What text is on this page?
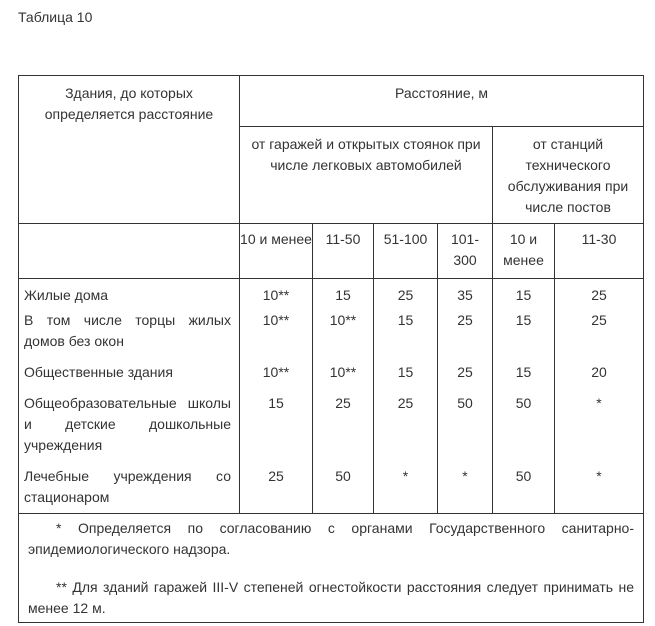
Таблица 10
Здания, до которых определяется расстояние	Расстояние, м					
	от гаражей и открытых стоянок при числе легковых автомобилей				от станций технического обслуживания при числе постов	
	10 и менее	11-50	51-100	101-300	10 и менее	11-30
Жилые дома	10**	15	25	35	15	25
В том числе торцы жилых домов без окон	10**	10**	15	25	15	25
Общественные здания	10**	10**	15	25	15	20
Общеобразовательные школы и детские дошкольные учреждения	15	25	25	50	50	*
Лечебные учреждения со стационаром	25	50	*	*	50	*

* Определяется по согласованию с органами Государственного санитарно-эпидемиологического надзора.

** Для зданий гаражей III-V степеней огнестойкости расстояния следует принимать не менее 12 м.						
